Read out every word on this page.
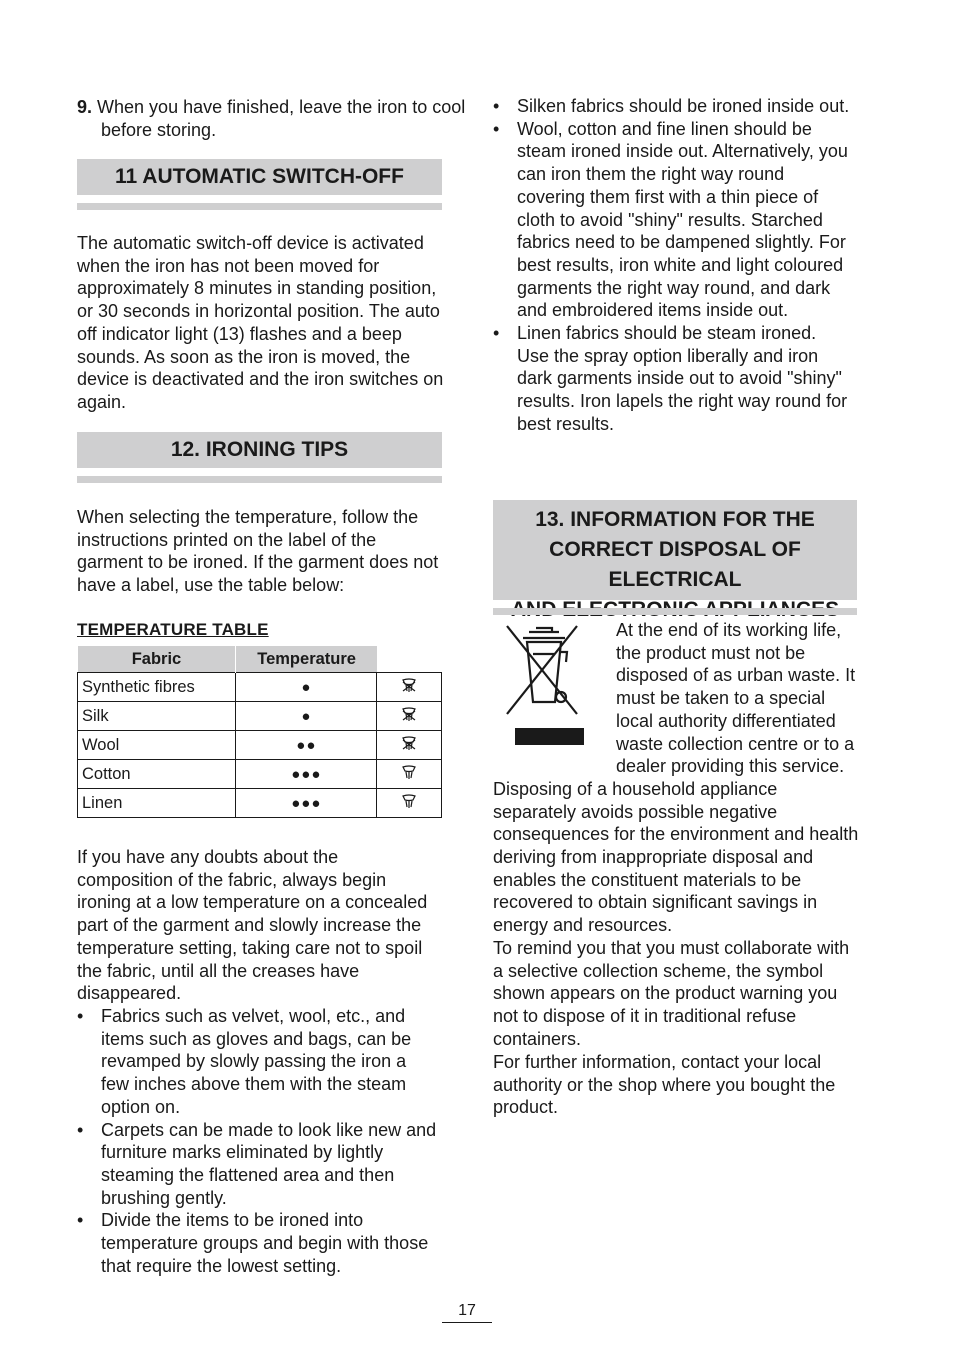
9. When you have finished, leave the iron to cool before storing.

11 AUTOMATIC SWITCH-OFF

The automatic switch-off device is activated when the iron has not been moved for approximately 8 minutes in standing position, or 30 seconds in horizontal position. The auto off indicator light (13) flashes and a beep sounds. As soon as the iron is moved, the device is deactivated and the iron switches on again.

12. IRONING TIPS

When selecting the temperature, follow the instructions printed on the label of the garment to be ironed. If the garment does not have a label, use the table below:

TEMPERATURE TABLE
Fabric	Temperature	
Synthetic fibres	●	
Silk	●	
Wool	●●	
Cotton	●●●	
Linen	●●●	

If you have any doubts about the composition of the fabric, always begin ironing at a low temperature on a concealed part of the garment and slowly increase the temperature setting, taking care not to spoil the fabric, until all the creases have disappeared.

• Fabrics such as velvet, wool, etc., and items such as gloves and bags, can be revamped by slowly passing the iron a few inches above them with the steam option on.
• Carpets can be made to look like new and furniture marks eliminated by lightly steaming the flattened area and then brushing gently.
• Divide the items to be ironed into temperature groups and begin with those that require the lowest setting.
• Silken fabrics should be ironed inside out.
• Wool, cotton and fine linen should be steam ironed inside out. Alternatively, you can iron them the right way round covering them first with a thin piece of cloth to avoid "shiny" results. Starched fabrics need to be dampened slightly. For best results, iron white and light coloured garments the right way round, and dark and embroidered items inside out.
• Linen fabrics should be steam ironed. Use the spray option liberally and iron dark garments inside out to avoid "shiny" results. Iron lapels the right way round for best results.
13. INFORMATION FOR THE
CORRECT DISPOSAL OF ELECTRICAL

At the end of its working life, the product must not be disposed of as urban waste. It must be taken to a special local authority differentiated waste collection centre or to a dealer providing this service. Disposing of a household appliance separately avoids possible negative consequences for the environment and health deriving from inappropriate disposal and enables the constituent materials to be recovered to obtain significant savings in energy and resources.

To remind you that you must collaborate with a selective collection scheme, the symbol shown appears on the product warning you not to dispose of it in traditional refuse containers.

For further information, contact your local authority or the shop where you bought the product.

17
